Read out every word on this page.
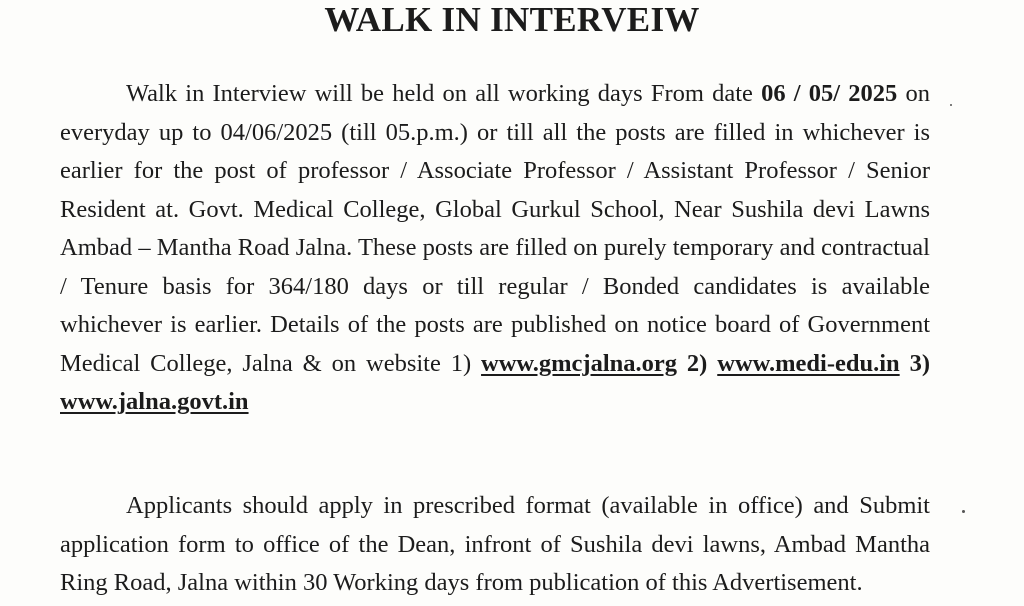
WALK IN INTERVEIW

Walk in Interview will be held on all working days From date 06 / 05/ 2025 on everyday up to 04/06/2025 (till 05.p.m.) or till all the posts are filled in whichever is earlier for the post of professor / Associate Professor / Assistant Professor / Senior Resident at. Govt. Medical College, Global Gurkul School, Near Sushila devi Lawns Ambad – Mantha Road Jalna. These posts are filled on purely temporary and contractual / Tenure basis for 364/180 days or till regular / Bonded candidates is available whichever is earlier. Details of the posts are published on notice board of Government Medical College, Jalna & on website 1) www.gmcjalna.org 2) www.medi-edu.in 3) www.jalna.govt.in

Applicants should apply in prescribed format (available in office) and Submit application form to office of the Dean, infront of Sushila devi lawns, Ambad Mantha Ring Road, Jalna within 30 Working days from publication of this Advertisement.
